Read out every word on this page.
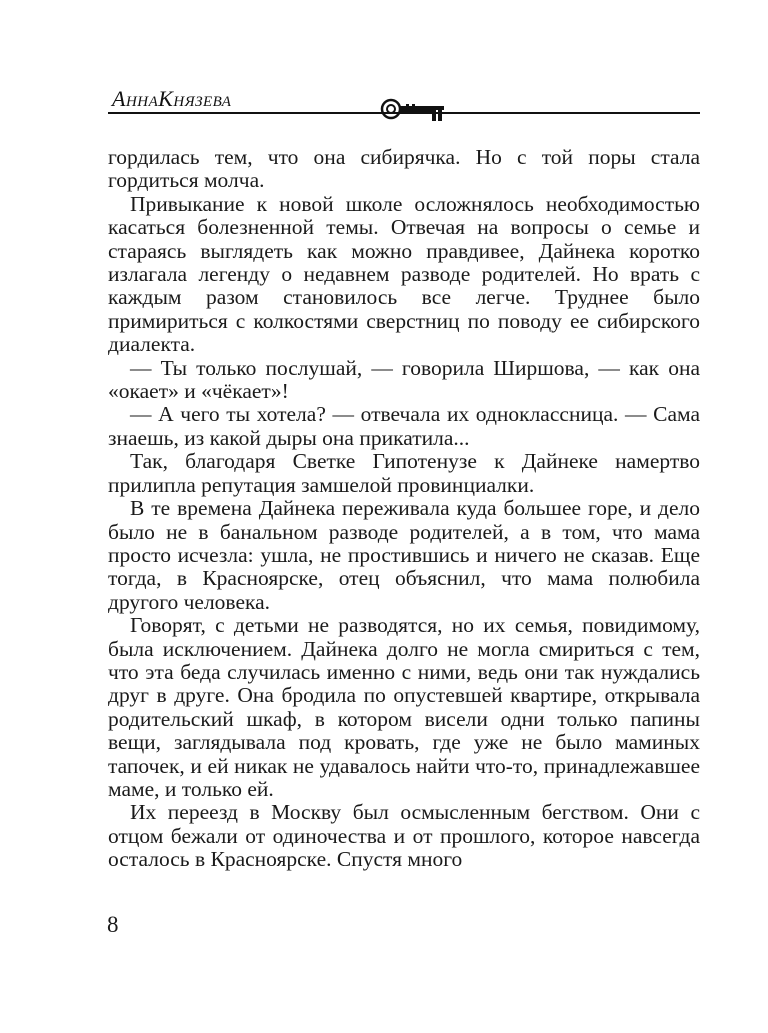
АннаКнязева

гордилась тем, что она сибирячка. Но с той поры стала гордиться молча.

Привыкание к новой школе осложнялось необходимостью касаться болезненной темы. Отвечая на вопросы о семье и стараясь выглядеть как можно правдивее, Дайнека коротко излагала легенду о недавнем разводе родителей. Но врать с каждым разом становилось все легче. Труднее было примириться с колкостями сверстниц по поводу ее сибирского диалекта.

— Ты только послушай, — говорила Ширшова, — как она «окает» и «чёкает»!

— А чего ты хотела? — отвечала их одноклассница. — Сама знаешь, из какой дыры она прикатила...

Так, благодаря Светке Гипотенузе к Дайнеке намертво прилипла репутация замшелой провинциалки.

В те времена Дайнека переживала куда большее горе, и дело было не в банальном разводе родителей, а в том, что мама просто исчезла: ушла, не простившись и ничего не сказав. Еще тогда, в Красноярске, отец объяснил, что мама полюбила другого человека.

Говорят, с детьми не разводятся, но их семья, повидимому, была исключением. Дайнека долго не могла смириться с тем, что эта беда случилась именно с ними, ведь они так нуждались друг в друге. Она бродила по опустевшей квартире, открывала родительский шкаф, в котором висели одни только папины вещи, заглядывала под кровать, где уже не было маминых тапочек, и ей никак не удавалось найти что-то, принадлежавшее маме, и только ей.

Их переезд в Москву был осмысленным бегством. Они с отцом бежали от одиночества и от прошлого, которое навсегда осталось в Красноярске. Спустя много

8
